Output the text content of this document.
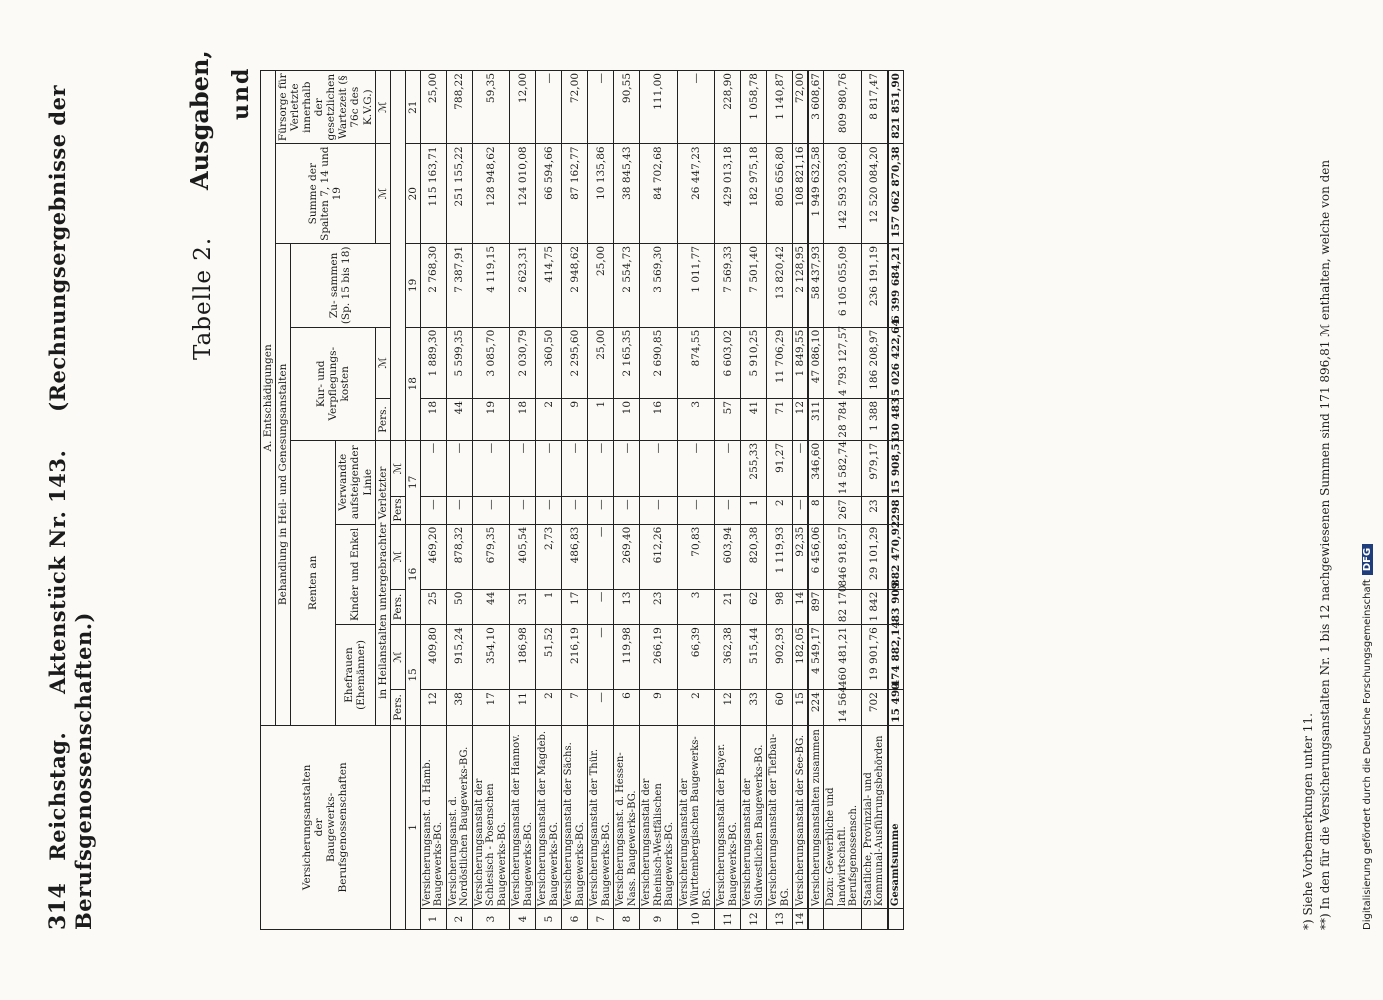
314 Reichstag. Aktenstück Nr. 143. (Rechnungsergebnisse der Berufsgenossenschaften.)
Tabelle 2.
Ausgaben, und
Versicherungsanstalten der Baugewerks- Berufsgenossenschaften		A. Entschädigungen										
		Behandlung in Heil- und Genesungsanstalten									Summe der Spalten 7, 14 und 19	Fürsorge für Verletzte innerhalb der gesetzlichen Wartezeit (§ 76c des K.V.G.)
		Renten an						Kur- und Verpflegungs- kosten		Zu- sammen (Sp. 15 bis 18)		
		Ehefrauen (Ehemänner)		Kinder und Enkel		Verwandte aufsteigender Linie						
		in Heilanstalten untergebrachter Verletzter						Pers.	ℳ		ℳ	ℳ
		Pers.	ℳ	Pers.	ℳ	Pers.	ℳ					
1		15		16		17		18		19	20	21
1	Versicherungsanst. d. Hamb. Baugewerks-BG.	12	409,80	25	469,20	—	—	18	1 889,30	2 768,30	115 163,71	25,00
2	Versicherungsanst. d. Nordöstlichen Baugewerks-BG.	38	915,24	50	878,32	—	—	44	5 599,35	7 387,91	251 155,22	788,22
3	Versicherungsanstalt der Schlesisch - Posenschen Baugewerks-BG.	17	354,10	44	679,35	—	—	19	3 085,70	4 119,15	128 948,62	59,35
4	Versicherungsanstalt der Hannov. Baugewerks-BG.	11	186,98	31	405,54	—	—	18	2 030,79	2 623,31	124 010,08	12,00
5	Versicherungsanstalt der Magdeb. Baugewerks-BG.	2	51,52	1	2,73	—	—	2	360,50	414,75	66 594,66	—
6	Versicherungsanstalt der Sächs. Baugewerks-BG.	7	216,19	17	486,83	—	—	9	2 295,60	2 948,62	87 162,77	72,00
7	Versicherungsanstalt der Thür. Baugewerks-BG.	—	—	—	—	—	—	1	25,00	25,00	10 135,86	—
8	Versicherungsanst. d. Hessen-Nass. Baugewerks-BG.	6	119,98	13	269,40	—	—	10	2 165,35	2 554,73	38 845,43	90,55
9	Versicherungsanstalt der Rheinisch-Westfälischen Baugewerks-BG.	9	266,19	23	612,26	—	—	16	2 690,85	3 569,30	84 702,68	111,00
10	Versicherungsanstalt der Württembergischen Baugewerks-BG.	2	66,39	3	70,83	—	—	3	874,55	1 011,77	26 447,23	—
11	Versicherungsanstalt der Bayer. Baugewerks-BG.	12	362,38	21	603,94	—	—	57	6 603,02	7 569,33	429 013,18	228,90
12	Versicherungsanstalt der Südwestlichen Baugewerks-BG.	33	515,44	62	820,38	1	255,33	41	5 910,25	7 501,40	182 975,18	1 058,78
13	Versicherungsanstalt der Tiefbau-BG.	60	902,93	98	1 119,93	2	91,27	71	11 706,29	13 820,42	805 656,80	1 140,87
14	Versicherungsanstalt der See-BG.	15	182,05	14	92,35	—	—	12	1 849,55	2 128,95	108 821,16	72,00
	Versicherungsanstalten zusammen	224	4 549,17	897	6 456,06	8	346,60	311	47 086,10	58 437,93	1 949 632,58	3 608,67
	Dazu: Gewerbliche und landwirtschaftl. Berufsgenossensch.	14 564	460 481,21	82 170	846 918,57	267	14 582,74	28 784	4 793 127,57	6 105 055,09	142 593 203,60	809 980,76
	Staatliche, Provinzial- und Kommunal-Ausführungsbehörden	702	19 901,76	1 842	29 101,29	23	979,17	1 388	186 208,97	236 191,19	12 520 084,20	8 817,47
	Gesamtsumme	15 490	474 882,14	83 909	882 470,92	298	15 908,51	30 483	5 026 422,64	6 399 684,21	157 062 870,38	821 851,90
*) Siehe Vorbemerkungen unter 11. **) In den für die Versicherungsanstalten Nr. 1 bis 12 nachgewiesenen Summen sind 171 896,81 ℳ enthalten, welche von den	Digitalisierung gefördert durch die Deutsche ForschungsgemeinschaftDFG
